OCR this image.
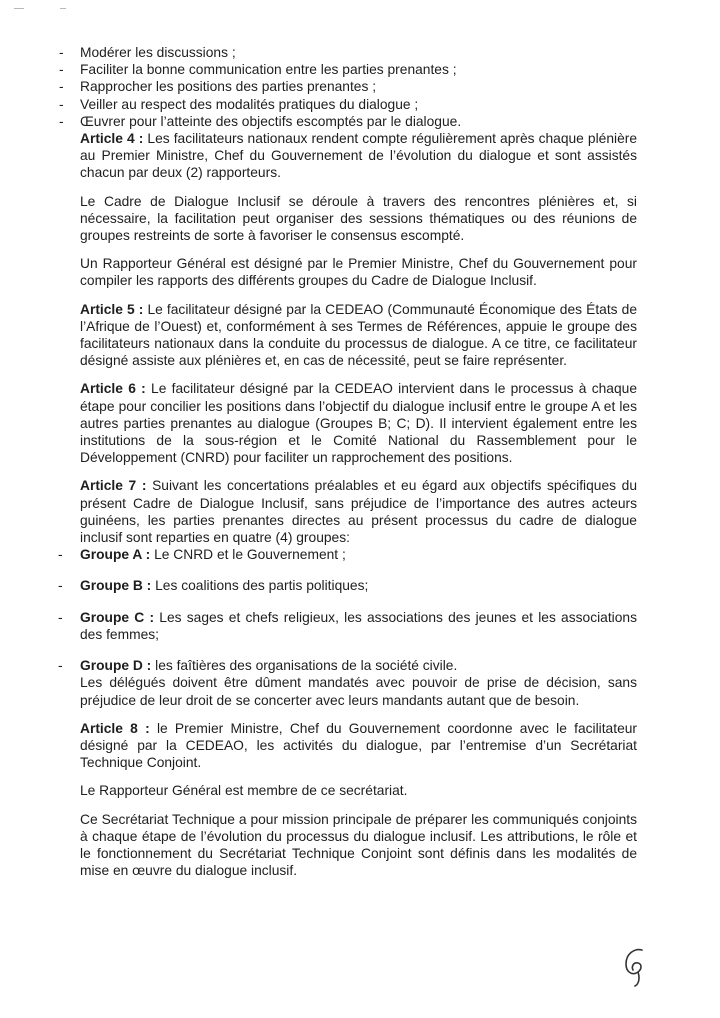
- Modérer les discussions ;
- Faciliter la bonne communication entre les parties prenantes ;
- Rapprocher les positions des parties prenantes ;
- Veiller au respect des modalités pratiques du dialogue ;
- Œuvrer pour l’atteinte des objectifs escomptés par le dialogue.

Article 4 : Les facilitateurs nationaux rendent compte régulièrement après chaque plénière au Premier Ministre, Chef du Gouvernement de l’évolution du dialogue et sont assistés chacun par deux (2) rapporteurs.

Le Cadre de Dialogue Inclusif se déroule à travers des rencontres plénières et, si nécessaire, la facilitation peut organiser des sessions thématiques ou des réunions de groupes restreints de sorte à favoriser le consensus escompté.

Un Rapporteur Général est désigné par le Premier Ministre, Chef du Gouvernement pour compiler les rapports des différents groupes du Cadre de Dialogue Inclusif.

Article 5 : Le facilitateur désigné par la CEDEAO (Communauté Économique des États de l’Afrique de l’Ouest) et, conformément à ses Termes de Références, appuie le groupe des facilitateurs nationaux dans la conduite du processus de dialogue. A ce titre, ce facilitateur désigné assiste aux plénières et, en cas de nécessité, peut se faire représenter.

Article 6 : Le facilitateur désigné par la CEDEAO intervient dans le processus à chaque étape pour concilier les positions dans l’objectif du dialogue inclusif entre le groupe A et les autres parties prenantes au dialogue (Groupes B; C; D). Il intervient également entre les institutions de la sous-région et le Comité National du Rassemblement pour le Développement (CNRD) pour faciliter un rapprochement des positions.

Article 7 : Suivant les concertations préalables et eu égard aux objectifs spécifiques du présent Cadre de Dialogue Inclusif, sans préjudice de l’importance des autres acteurs guinéens, les parties prenantes directes au présent processus du cadre de dialogue inclusif sont reparties en quatre (4) groupes:

- Groupe A : Le CNRD et le Gouvernement ;
- Groupe B : Les coalitions des partis politiques;
- Groupe C : Les sages et chefs religieux, les associations des jeunes et les associations des femmes;
- Groupe D : les faîtières des organisations de la société civile.

Les délégués doivent être dûment mandatés avec pouvoir de prise de décision, sans préjudice de leur droit de se concerter avec leurs mandants autant que de besoin.

Article 8 : le Premier Ministre, Chef du Gouvernement coordonne avec le facilitateur désigné par la CEDEAO, les activités du dialogue, par l’entremise d’un Secrétariat Technique Conjoint.

Le Rapporteur Général est membre de ce secrétariat.

Ce Secrétariat Technique a pour mission principale de préparer les communiqués conjoints à chaque étape de l’évolution du processus du dialogue inclusif. Les attributions, le rôle et le fonctionnement du Secrétariat Technique Conjoint sont définis dans les modalités de mise en œuvre du dialogue inclusif.
